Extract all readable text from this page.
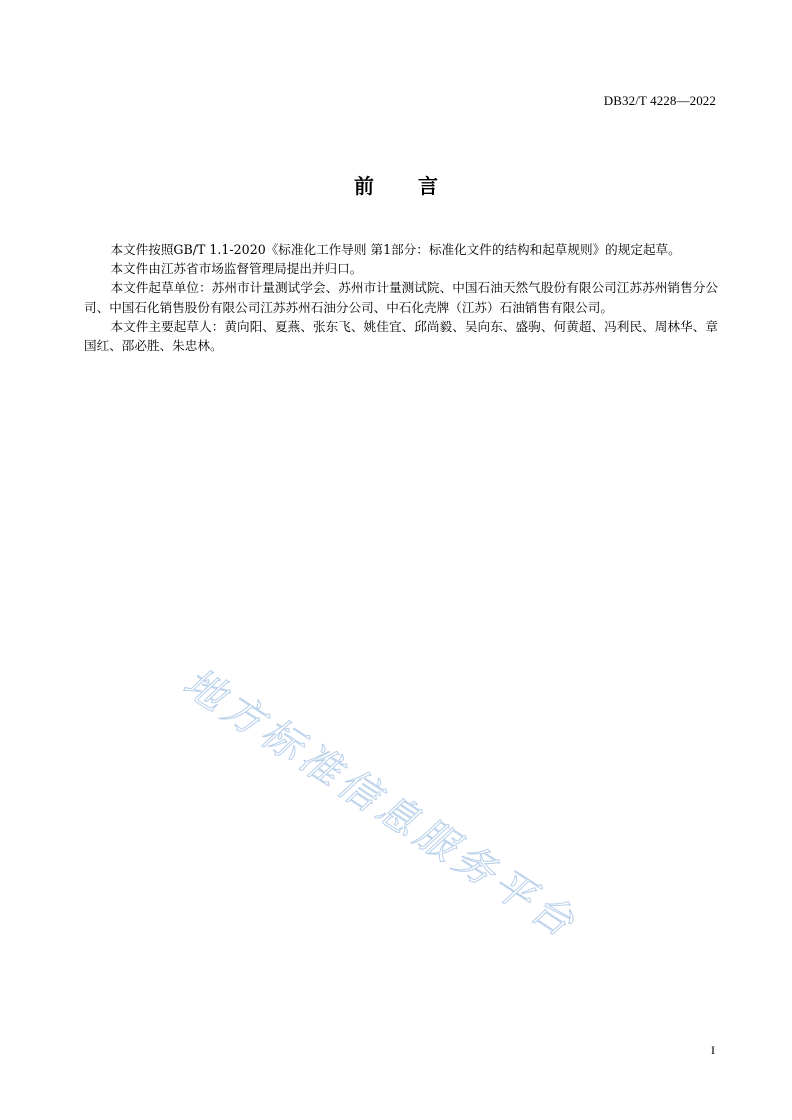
DB32/T 4228—2022
前 言

本文件按照GB/T 1.1-2020《标准化工作导则 第1部分：标准化文件的结构和起草规则》的规定起草。

本文件由江苏省市场监督管理局提出并归口。

本文件起草单位：苏州市计量测试学会、苏州市计量测试院、中国石油天然气股份有限公司江苏苏州销售分公司、中国石化销售股份有限公司江苏苏州石油分公司、中石化壳牌（江苏）石油销售有限公司。

本文件主要起草人：黄向阳、夏燕、张东飞、姚佳宜、邱尚毅、吴向东、盛驹、何黄超、冯利民、周林华、章国红、邵必胜、朱忠林。

地方标准信息服务平台
I
